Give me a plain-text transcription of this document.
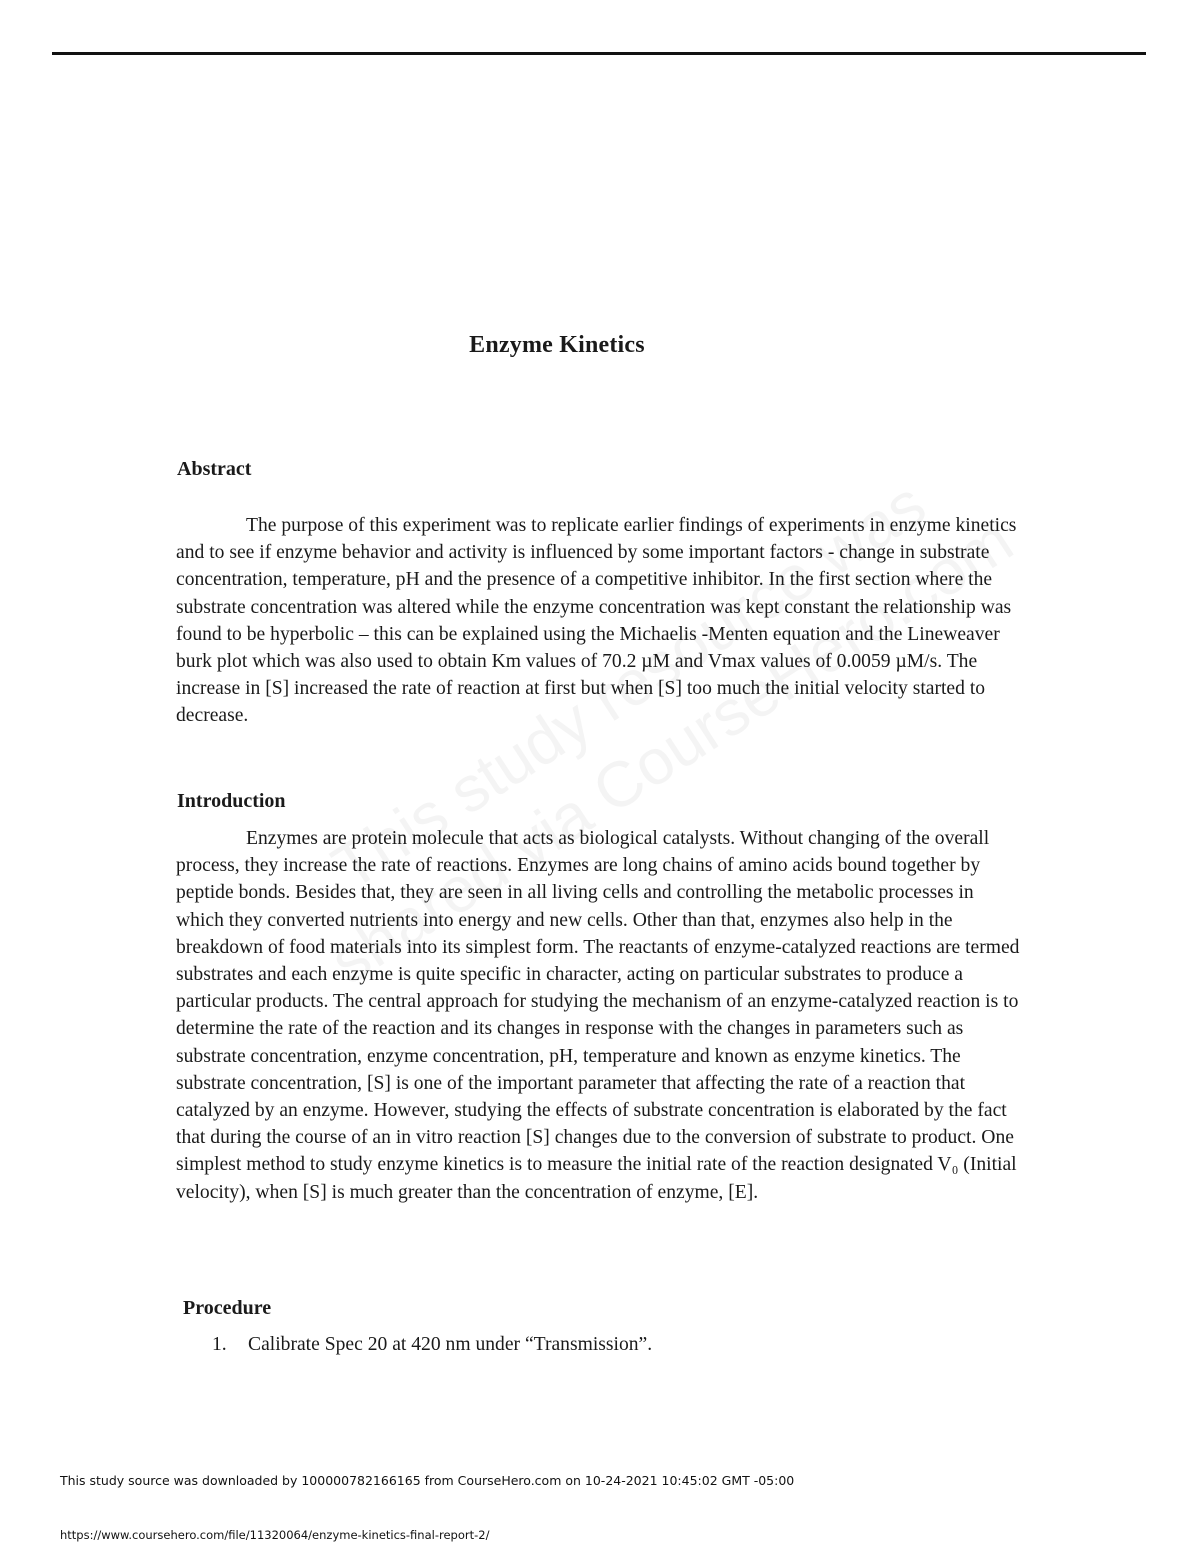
Enzyme Kinetics
Abstract

The purpose of this experiment was to replicate earlier findings of experiments in enzyme kinetics and to see if enzyme behavior and activity is influenced by some important factors - change in substrate concentration, temperature, pH and the presence of a competitive inhibitor. In the first section where the substrate concentration was altered while the enzyme concentration was kept constant the relationship was found to be hyperbolic – this can be explained using the Michaelis -Menten equation and the Lineweaver burk plot which was also used to obtain Km values of 70.2 µM and Vmax values of 0.0059 µM/s. The increase in [S] increased the rate of reaction at first but when [S] too much the initial velocity started to decrease.

Introduction

Enzymes are protein molecule that acts as biological catalysts. Without changing of the overall process, they increase the rate of reactions. Enzymes are long chains of amino acids bound together by peptide bonds. Besides that, they are seen in all living cells and controlling the metabolic processes in which they converted nutrients into energy and new cells. Other than that, enzymes also help in the breakdown of food materials into its simplest form. The reactants of enzyme-catalyzed reactions are termed substrates and each enzyme is quite specific in character, acting on particular substrates to produce a particular products. The central approach for studying the mechanism of an enzyme-catalyzed reaction is to determine the rate of the reaction and its changes in response with the changes in parameters such as substrate concentration, enzyme concentration, pH, temperature and known as enzyme kinetics. The substrate concentration, [S] is one of the important parameter that affecting the rate of a reaction that catalyzed by an enzyme. However, studying the effects of substrate concentration is elaborated by the fact that during the course of an in vitro reaction [S] changes due to the conversion of substrate to product. One simplest method to study enzyme kinetics is to measure the initial rate of the reaction designated V₀ (Initial velocity), when [S] is much greater than the concentration of enzyme, [E].

Procedure
1.	Calibrate Spec 20 at 420 nm under “Transmission”.
This study source was downloaded by 100000782166165 from CourseHero.com on 10-24-2021 10:45:02 GMT -05:00
https://www.coursehero.com/file/11320064/enzyme-kinetics-final-report-2/
